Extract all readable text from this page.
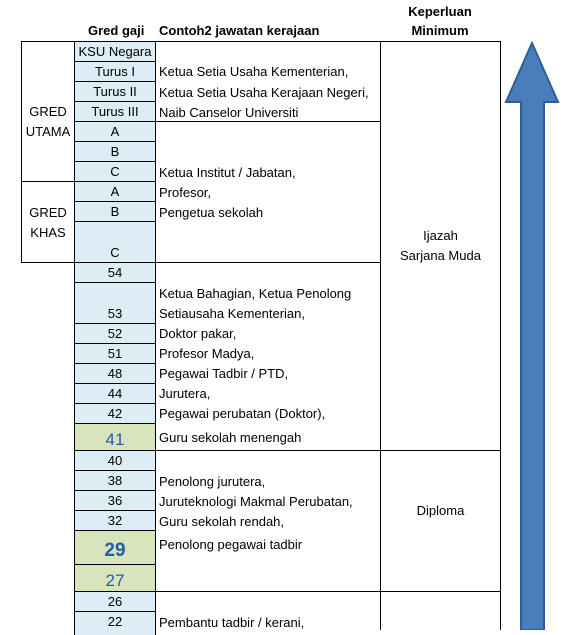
Gred gaji Contoh2 jawatan kerajaan
Keperluan
Minimum
KSU Negara
Turus I
Turus II
Turus III
A
B
C
A
B
C
54
53
52
51
48
44
42
41
40
38
36
32
29
27
26
22
GRED
UTAMA
GRED
KHAS
Ketua Setia Usaha Kementerian,
Ketua Setia Usaha Kerajaan Negeri,
Naib Canselor Universiti
Ketua Institut / Jabatan,
Profesor,
Pengetua sekolah
Ketua Bahagian, Ketua Penolong
Setiausaha Kementerian,
Doktor pakar,
Profesor Madya,
Pegawai Tadbir / PTD,
Jurutera,
Pegawai perubatan (Doktor),
Guru sekolah menengah
Penolong jurutera,
Juruteknologi Makmal Perubatan,
Guru sekolah rendah,
Penolong pegawai tadbir
Pembantu tadbir / kerani,
Ijazah
Sarjana Muda
Diploma
